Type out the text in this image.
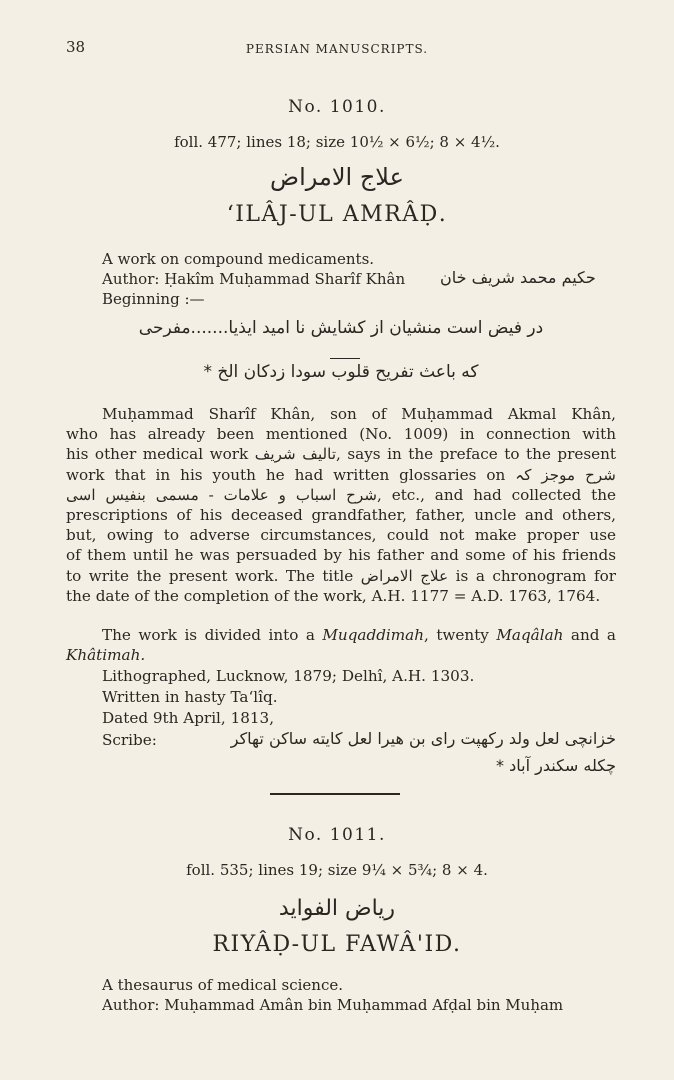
38	PERSIAN MANUSCRIPTS.
No. 1010.
foll. 477; lines 18; size 10½ × 6½; 8 × 4½.
علاج الامراض
ʻILÂJ-UL AMRÂḌ.
A work on compound medicaments.
Author: Ḥakîm Muḥammad Sharîf Khân حکیم محمد شریف خان
Beginning :—
در فیض است منشیان از کشایش نا امید ایذیا.......مفرحی
که باعث تفریح قلوب سودا زدکان الخ *
Muḥammad Sharîf Khân, son of Muḥammad Akmal Khân,
who has already been mentioned (No. 1009) in connection with
his other medical work تالیف شریف, says in the preface to the present
work that in his youth he had written glossaries on شرح موجز کہ
شرح اسباب و علامات - مسمی بنفیس اسی, etc., and had collected the
prescriptions of his deceased grandfather, father, uncle and others,
but, owing to adverse circumstances, could not make proper use
of them until he was persuaded by his father and some of his friends
to write the present work. The title علاج الامراض is a chronogram for
the date of the completion of the work, A.H. 1177 = A.D. 1763, 1764.
The work is divided into a Muqaddimah, twenty Maqâlah and a
Khâtimah.
Lithographed, Lucknow, 1879; Delhî, A.H. 1303.
Written in hasty Taʻlîq.
Dated 9th April, 1813,
Scribe:	خزانچی لعل ولد رکھپت رای بن هیرا لعل کایته ساکن تھاکر
چکله سکندر آباد *
No. 1011.
foll. 535; lines 19; size 9¼ × 5¾; 8 × 4.
ریاض الفواید
RIYÂḌ-UL FAWÂ'ID.
A thesaurus of medical science.
Author: Muḥammad Amân bin Muḥammad Afḍal bin Muḥam
